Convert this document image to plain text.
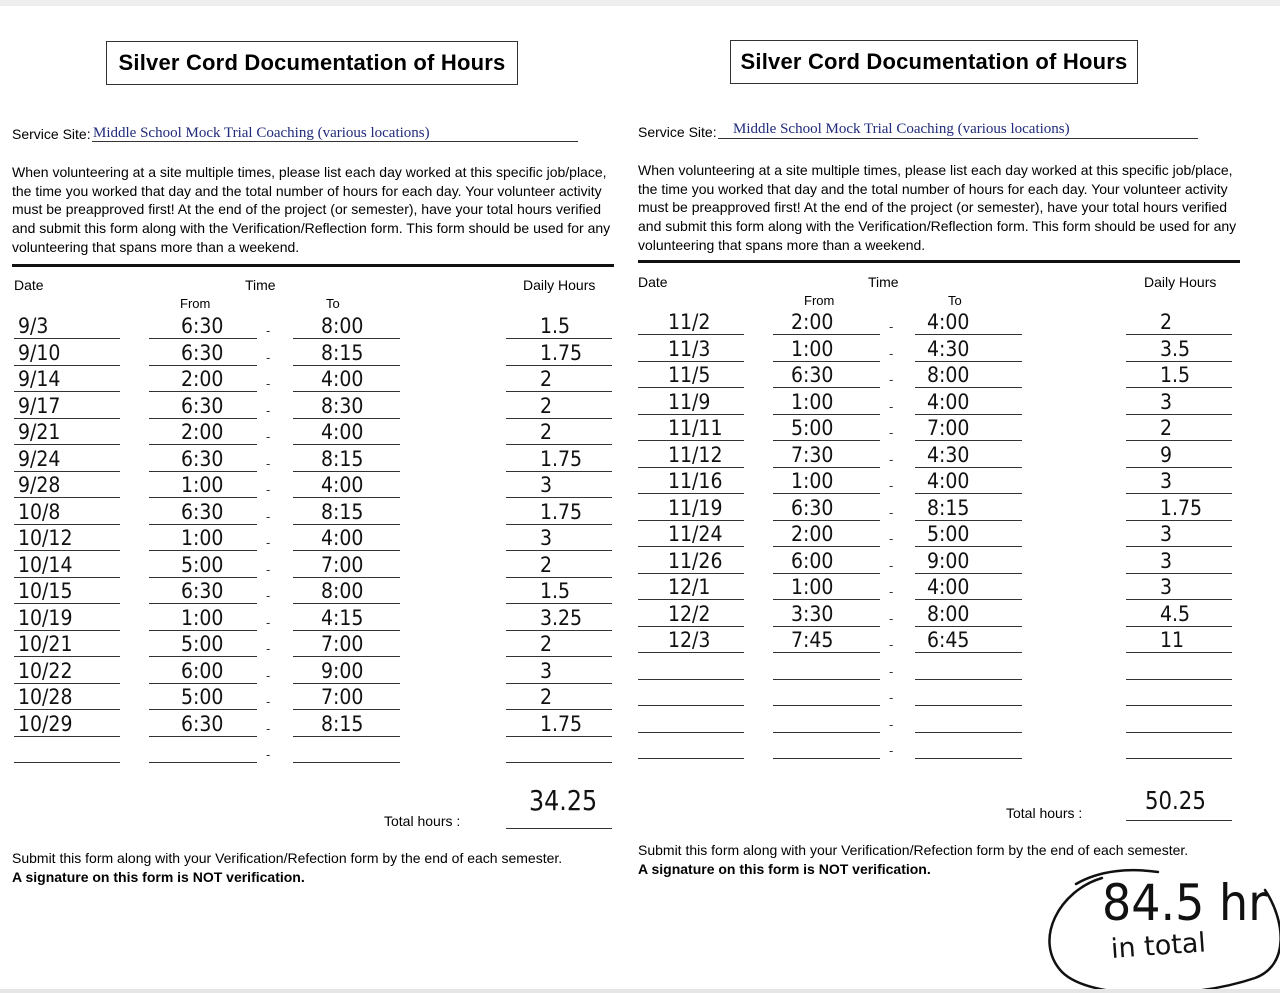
Silver Cord Documentation of Hours
Service Site: Middle School Mock Trial Coaching (various locations)
When volunteering at a site multiple times, please list each day worked at this specific job/place, the time you worked that day and the total number of hours for each day. Your volunteer activity must be preapproved first! At the end of the project (or semester), have your total hours verified and submit this form along with the Verification/Reflection form. This form should be used for any volunteering that spans more than a weekend.
Date	Time	Daily Hours
From	To
9/3	6:30	8:00	1.5
-
9/10	6:30	8:15	1.75
-
9/14	2:00	4:00	2
-
9/17	6:30	8:30	2
-
9/21	2:00	4:00	2
-
9/24	6:30	8:15	1.75
-
9/28	1:00	4:00	3
-
10/8	6:30	8:15	1.75
-
10/12	1:00	4:00	3
-
10/14	5:00	7:00	2
-
10/15	6:30	8:00	1.5
-
10/19	1:00	4:15	3.25
-
10/21	5:00	7:00	2
-
10/22	6:00	9:00	3
-
10/28	5:00	7:00	2
-
10/29	6:30	8:15	1.75
-
-
Total hours :
34.25
Submit this form along with your Verification/Refection form by the end of each semester.
A signature on this form is NOT verification.
Silver Cord Documentation of Hours
Service Site: Middle School Mock Trial Coaching (various locations)
When volunteering at a site multiple times, please list each day worked at this specific job/place, the time you worked that day and the total number of hours for each day. Your volunteer activity must be preapproved first! At the end of the project (or semester), have your total hours verified and submit this form along with the Verification/Reflection form. This form should be used for any volunteering that spans more than a weekend.
Date	Time	Daily Hours
From	To
11/2	2:00	4:00	2
-
11/3	1:00	4:30	3.5
-
11/5	6:30	8:00	1.5
-
11/9	1:00	4:00	3
-
11/11	5:00	7:00	2
-
11/12	7:30	4:30	9
-
11/16	1:00	4:00	3
-
11/19	6:30	8:15	1.75
-
11/24	2:00	5:00	3
-
11/26	6:00	9:00	3
-
12/1	1:00	4:00	3
-
12/2	3:30	8:00	4.5
-
12/3	7:45	6:45	11
-
-
-
-
-
Total hours :	50.25
Submit this form along with your Verification/Refection form by the end of each semester.
A signature on this form is NOT verification.
84.5 hr
in total
